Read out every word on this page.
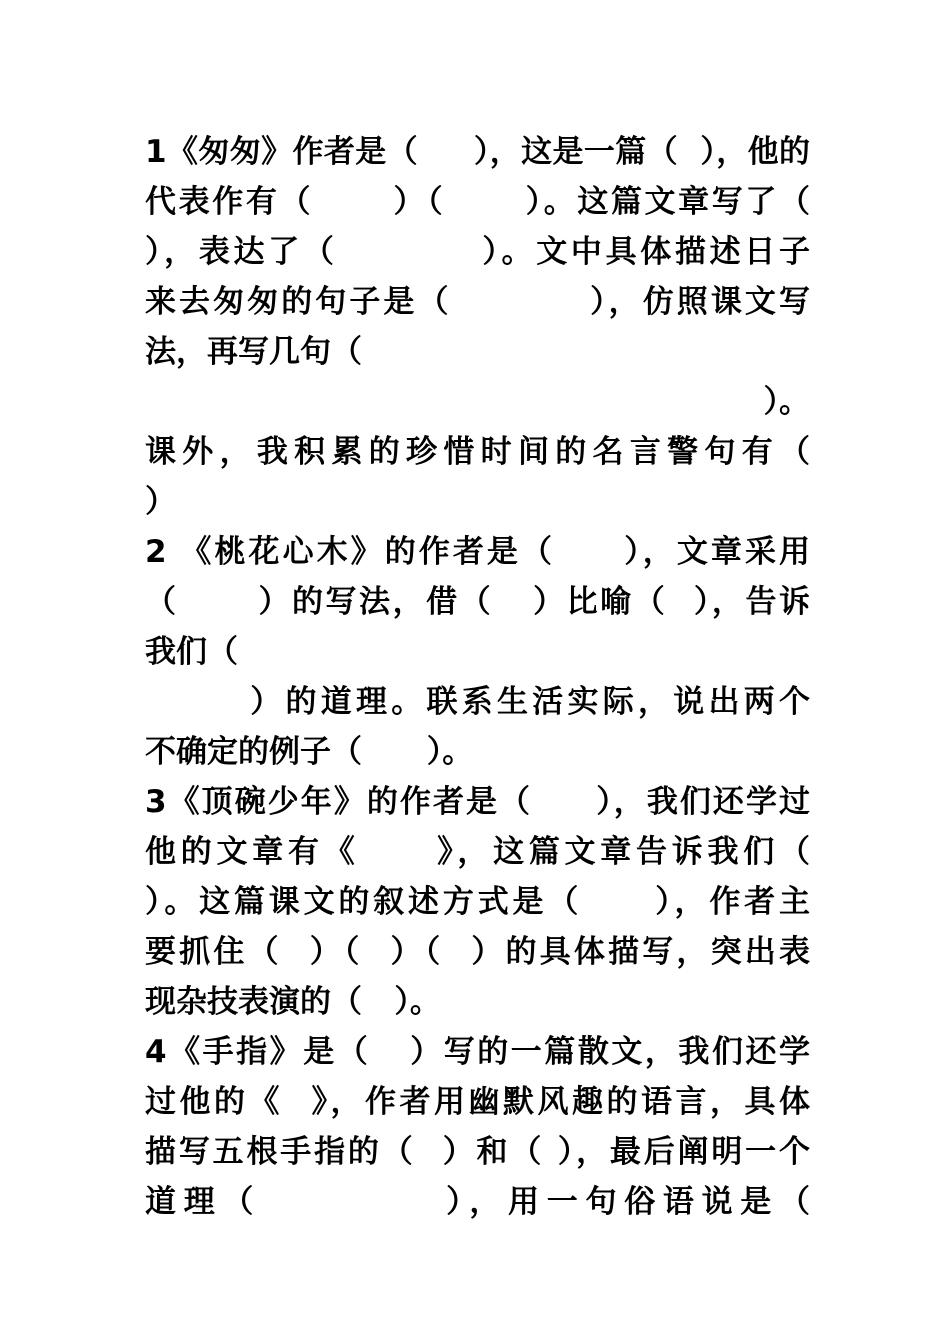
1《匆匆》作者是（     ），这是一篇（  ），他的
代表作有（      ）（      ）。这篇文章写了（
），表达了（          ）。文中具体描述日子
来去匆匆的句子是（          ），仿照课文写
法，再写几句（
）。
课外，我积累的珍惜时间的名言警句有（
）
2 《桃花心木》的作者是（     ），文章采用
（      ）的写法，借（   ）比喻（  ），告诉
我们（
）的道理。联系生活实际，说出两个
不确定的例子（      ）。
3《顶碗少年》的作者是（     ），我们还学过
他的文章有《     》，这篇文章告诉我们（
）。这篇课文的叙述方式是（     ），作者主
要抓住（  ）（  ）（  ）的具体描写，突出表
现杂技表演的（   ）。
4《手指》是（   ）写的一篇散文，我们还学
过他的《  》，作者用幽默风趣的语言，具体
描写五根手指的（  ）和（ ），最后阐明一个
道理（          ），用一句俗语说是（
